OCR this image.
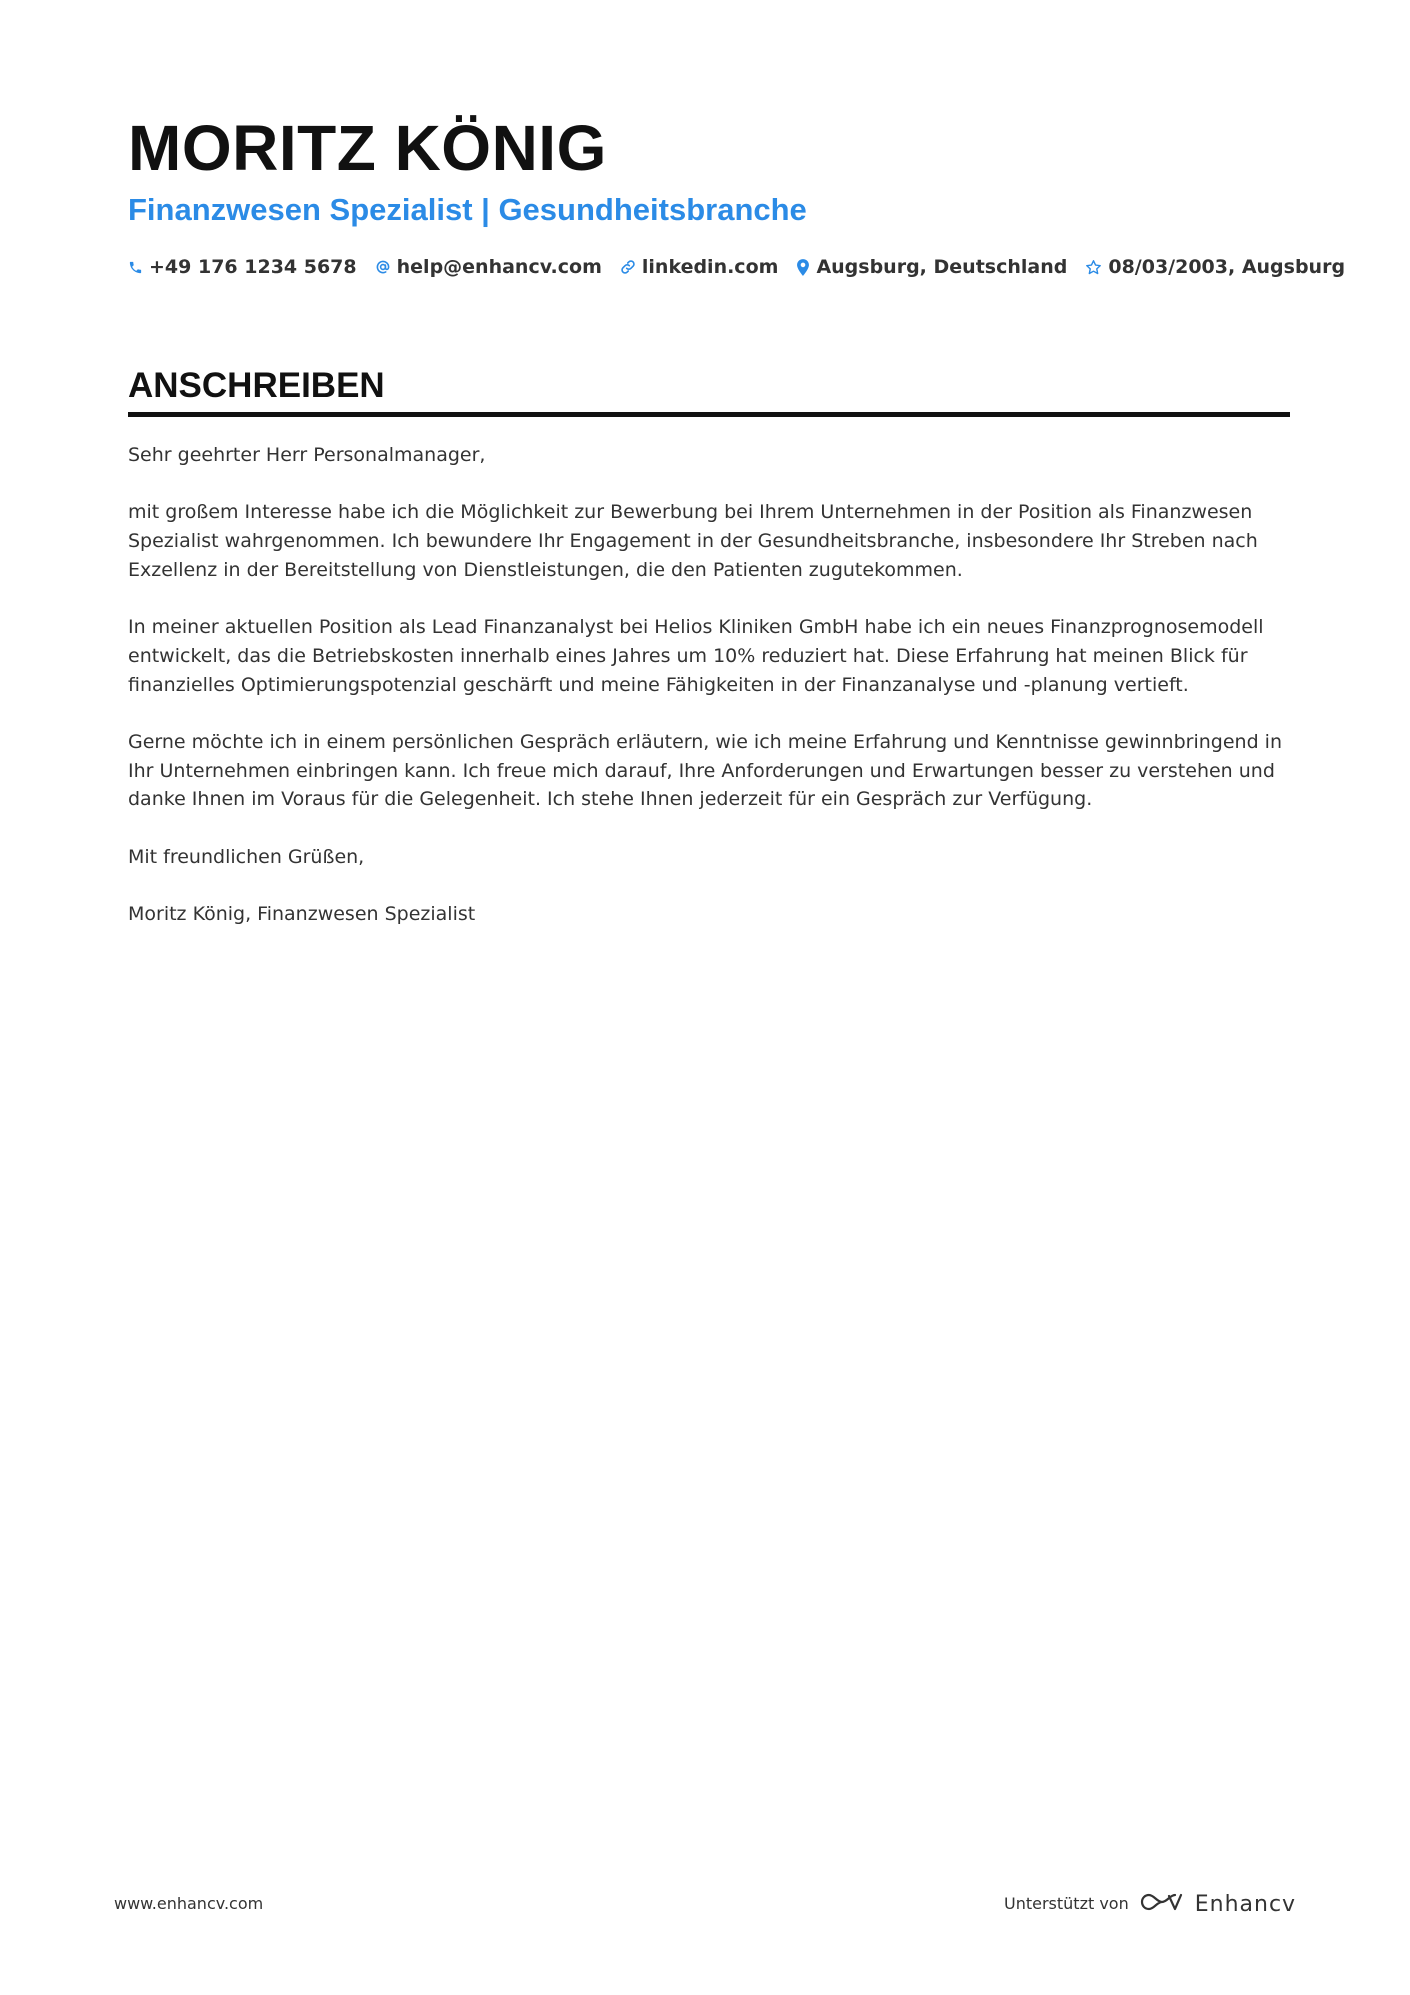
MORITZ KÖNIG
Finanzwesen Spezialist | Gesundheitsbranche
+49 176 1234 5678 help@enhancv.com linkedin.com Augsburg, Deutschland 08/03/2003, Augsburg
ANSCHREIBEN

Sehr geehrter Herr Personalmanager,

mit großem Interesse habe ich die Möglichkeit zur Bewerbung bei Ihrem Unternehmen in der Position als Finanzwesen Spezialist wahrgenommen. Ich bewundere Ihr Engagement in der Gesundheitsbranche, insbesondere Ihr Streben nach Exzellenz in der Bereitstellung von Dienstleistungen, die den Patienten zugutekommen.

In meiner aktuellen Position als Lead Finanzanalyst bei Helios Kliniken GmbH habe ich ein neues Finanzprognosemodell entwickelt, das die Betriebskosten innerhalb eines Jahres um 10% reduziert hat. Diese Erfahrung hat meinen Blick für finanzielles Optimierungspotenzial geschärft und meine Fähigkeiten in der Finanzanalyse und -planung vertieft.

Gerne möchte ich in einem persönlichen Gespräch erläutern, wie ich meine Erfahrung und Kenntnisse gewinnbringend in Ihr Unternehmen einbringen kann. Ich freue mich darauf, Ihre Anforderungen und Erwartungen besser zu verstehen und danke Ihnen im Voraus für die Gelegenheit. Ich stehe Ihnen jederzeit für ein Gespräch zur Verfügung.

Mit freundlichen Grüßen,

Moritz König, Finanzwesen Spezialist

www.enhancv.com	Unterstützt von	Enhancv
